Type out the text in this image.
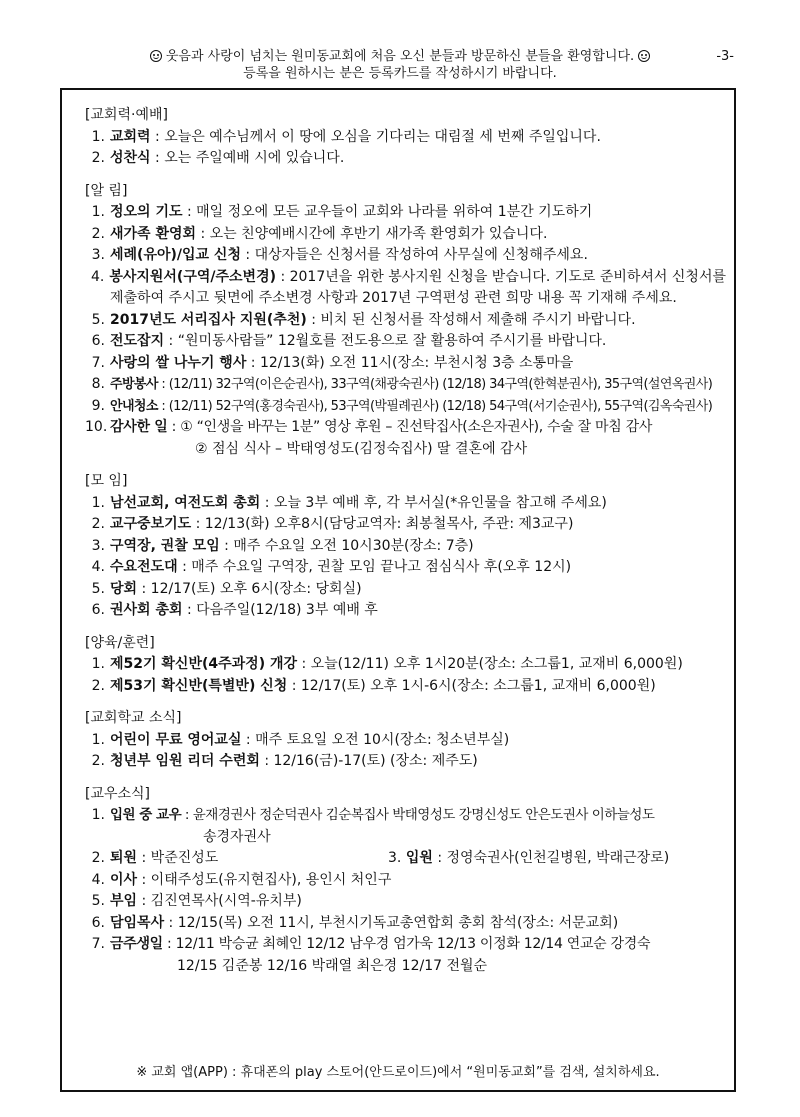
웃음과 사랑이 넘치는 원미동교회에 처음 오신 분들과 방문하신 분들을 환영합니다.	-3-
등록을 원하시는 분은 등록카드를 작성하시기 바랍니다.
[교회력·예배]
1. 교회력 : 오늘은 예수님께서 이 땅에 오심을 기다리는 대림절 세 번째 주일입니다.
2. 성찬식 : 오는 주일예배 시에 있습니다.
[알 림]
1. 정오의 기도 : 매일 정오에 모든 교우들이 교회와 나라를 위하여 1분간 기도하기
2. 새가족 환영회 : 오는 친양예배시간에 후반기 새가족 환영회가 있습니다.
3. 세례(유아)/입교 신청 : 대상자들은 신청서를 작성하여 사무실에 신청해주세요.
4. 봉사지원서(구역/주소변경) : 2017년을 위한 봉사지원 신청을 받습니다. 기도로 준비하셔서 신청서를
제출하여 주시고 뒷면에 주소변경 사항과 2017년 구역편성 관련 희망 내용 꼭 기재해 주세요.
5. 2017년도 서리집사 지원(추천) : 비치 된 신청서를 작성해서 제출해 주시기 바랍니다.
6. 전도잡지 : “원미동사람들” 12월호를 전도용으로 잘 활용하여 주시기를 바랍니다.
7. 사랑의 쌀 나누기 행사 : 12/13(화) 오전 11시(장소: 부천시청 3층 소통마을
8. 주방봉사 : (12/11) 32구역(이은순권사), 33구역(채광숙권사) (12/18) 34구역(한혁분권사), 35구역(설연옥권사)
9. 안내청소 : (12/11) 52구역(홍경숙권사), 53구역(박필례권사) (12/18) 54구역(서기순권사), 55구역(김옥숙권사)
10. 감사한 일 : ① “인생을 바꾸는 1분” 영상 후원 – 진선탁집사(소은자권사), 수술 잘 마침 감사
② 점심 식사 – 박태영성도(김정숙집사) 딸 결혼에 감사
[모 임]
1. 남선교회, 여전도회 총회 : 오늘 3부 예배 후, 각 부서실(*유인물을 참고해 주세요)
2. 교구중보기도 : 12/13(화) 오후8시(담당교역자: 최봉철목사, 주관: 제3교구)
3. 구역장, 권찰 모임 : 매주 수요일 오전 10시30분(장소: 7층)
4. 수요전도대 : 매주 수요일 구역장, 권찰 모임 끝나고 점심식사 후(오후 12시)
5. 당회 : 12/17(토) 오후 6시(장소: 당회실)
6. 권사회 총회 : 다음주일(12/18) 3부 예배 후
[양육/훈련]
1. 제52기 확신반(4주과정) 개강 : 오늘(12/11) 오후 1시20분(장소: 소그룹1, 교재비 6,000원)
2. 제53기 확신반(특별반) 신청 : 12/17(토) 오후 1시-6시(장소: 소그룹1, 교재비 6,000원)
[교회학교 소식]
1. 어린이 무료 영어교실 : 매주 토요일 오전 10시(장소: 청소년부실)
2. 청년부 임원 리더 수련회 : 12/16(금)-17(토) (장소: 제주도)
[교우소식]
1. 입원 중 교우 : 윤재경권사 정순덕권사 김순복집사 박태영성도 강명신성도 안은도권사 이하늘성도
송경자권사
2. 퇴원 : 박준진성도	3. 입원 : 정영숙권사(인천길병원, 박래근장로)
4. 이사 : 이태주성도(유지현집사), 용인시 처인구
5. 부임 : 김진연목사(시역-유치부)
6. 담임목사 : 12/15(목) 오전 11시, 부천시기독교총연합회 총회 참석(장소: 서문교회)
7. 금주생일 : 12/11 박승균 최혜인 12/12 남우경 엄가욱 12/13 이정화 12/14 연교순 강경숙
12/15 김준봉 12/16 박래열 최은경 12/17 전월순
※ 교회 앱(APP) : 휴대폰의 play 스토어(안드로이드)에서 “원미동교회”를 검색, 설치하세요.
